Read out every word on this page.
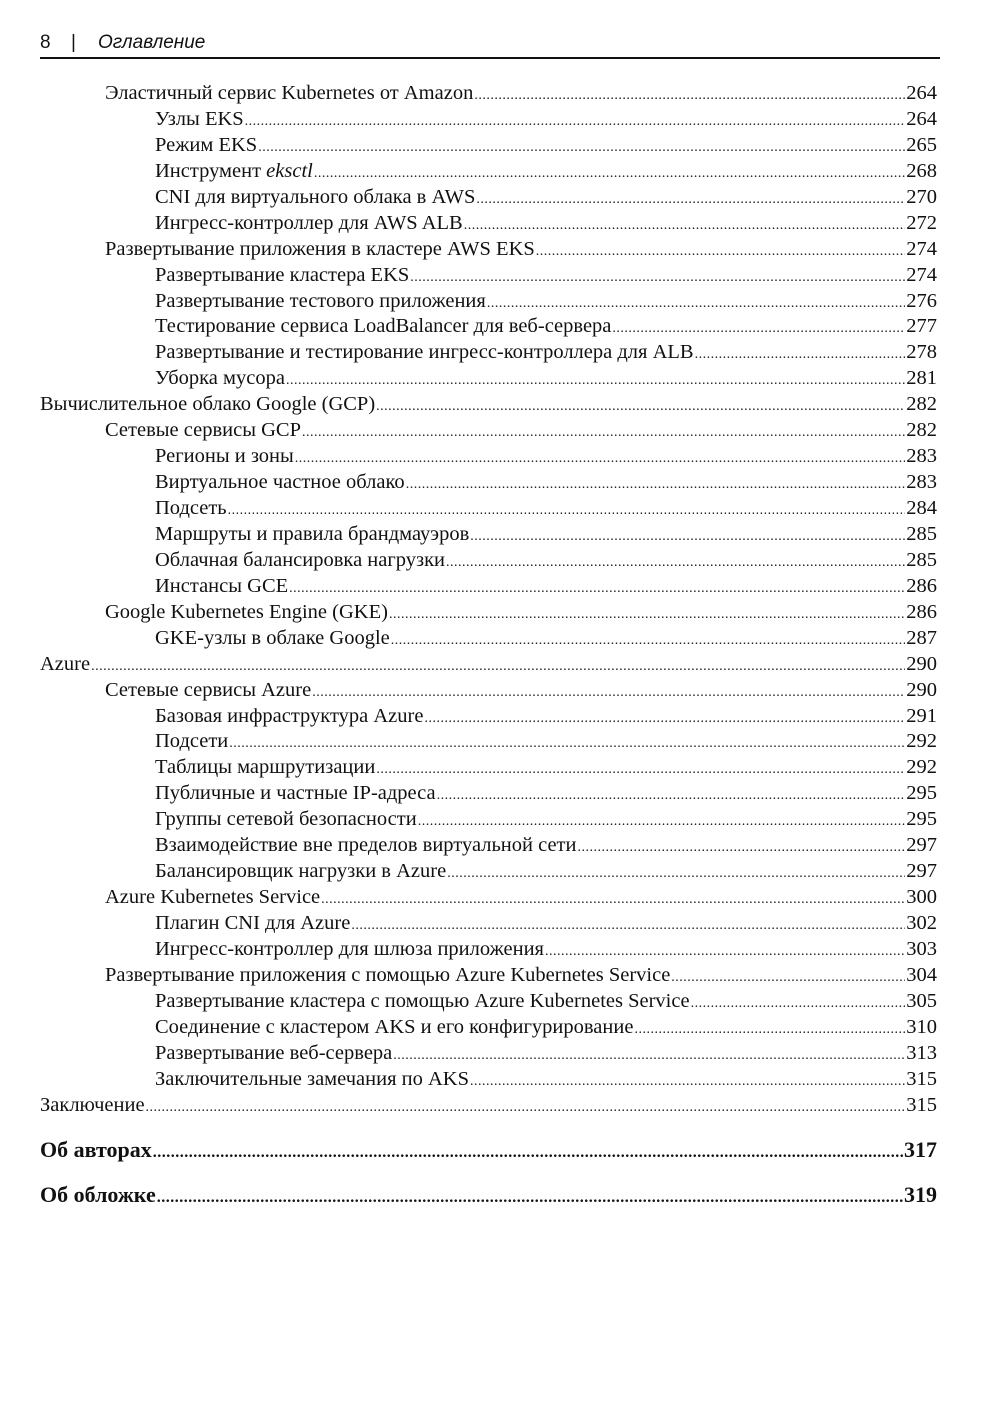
8 | Оглавление
Эластичный сервис Kubernetes от Amazon .....	264
Узлы EKS .....	264
Режим EKS .....	265
Инструмент eksctl .....	268
CNI для виртуального облака в AWS .....	270
Ингресс-контроллер для AWS ALB .....	272
Развертывание приложения в кластере AWS EKS .....	274
Развертывание кластера EKS .....	274
Развертывание тестового приложения .....	276
Тестирование сервиса LoadBalancer для веб-сервера .....	277
Развертывание и тестирование ингресс-контроллера для ALB .....	278
Уборка мусора .....	281
Вычислительное облако Google (GCP) .....	282
Сетевые сервисы GCP .....	282
Регионы и зоны .....	283
Виртуальное частное облако .....	283
Подсеть .....	284
Маршруты и правила брандмауэров .....	285
Облачная балансировка нагрузки .....	285
Инстансы GCE .....	286
Google Kubernetes Engine (GKE) .....	286
GKE-узлы в облаке Google .....	287
Azure .....	290
Сетевые сервисы Azure .....	290
Базовая инфраструктура Azure .....	291
Подсети .....	292
Таблицы маршрутизации .....	292
Публичные и частные IP-адреса .....	295
Группы сетевой безопасности .....	295
Взаимодействие вне пределов виртуальной сети .....	297
Балансировщик нагрузки в Azure .....	297
Azure Kubernetes Service .....	300
Плагин CNI для Azure .....	302
Ингресс-контроллер для шлюза приложения .....	303
Развертывание приложения с помощью Azure Kubernetes Service .....	304
Развертывание кластера с помощью Azure Kubernetes Service .....	305
Соединение с кластером AKS и его конфигурирование .....	310
Развертывание веб-сервера .....	313
Заключительные замечания по AKS .....	315
Заключение .....	315
Об авторах .....	317
Об обложке .....	319
